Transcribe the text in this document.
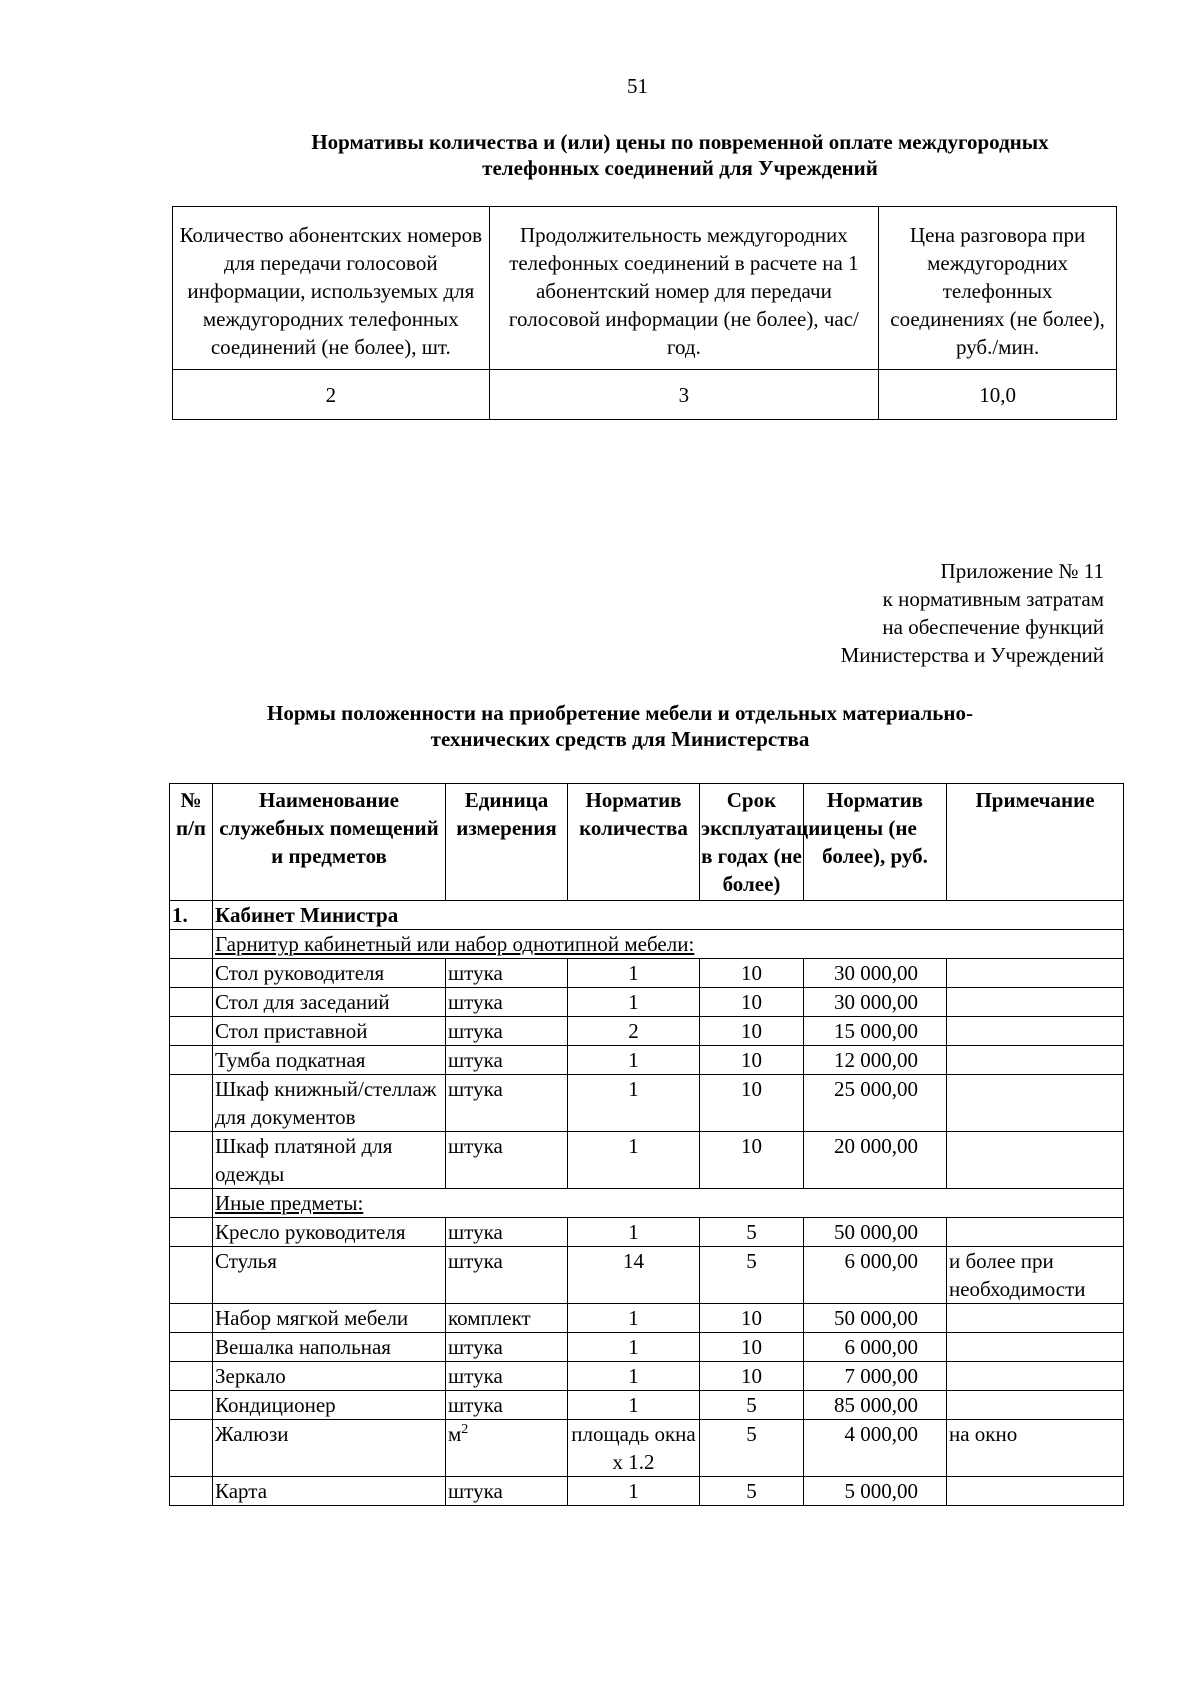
51
Нормативы количества и (или) цены по повременной оплате междугородных
телефонных соединений для Учреждений
Количество абонентских номеров для передачи голосовой информации, используемых для междугородних телефонных соединений (не более), шт.	Продолжительность междугородних телефонных соединений в расчете на 1 абонентский номер для передачи голосовой информации (не более), час/год.	Цена разговора при междугородних телефонных соединениях (не более), руб./мин.
2	3	10,0
Приложение № 11
к нормативным затратам
на обеспечение функций
Министерства и Учреждений
Нормы положенности на приобретение мебели и отдельных материально-
технических средств для Министерства
№ п/п	Наименование служебных помещений и предметов	Единица измерения	Норматив количества	Срок эксплуатации в годах (не более)	Норматив цены (не более), руб.	Примечание
1.	Кабинет Министра					
	Гарнитур кабинетный или набор однотипной мебели:					
	Стол руководителя	штука	1	10	30 000,00	
	Стол для заседаний	штука	1	10	30 000,00	
	Стол приставной	штука	2	10	15 000,00	
	Тумба подкатная	штука	1	10	12 000,00	
	Шкаф книжный/стеллаж для документов	штука	1	10	25 000,00	
	Шкаф платяной для одежды	штука	1	10	20 000,00	
	Иные предметы:					
	Кресло руководителя	штука	1	5	50 000,00	
	Стулья	штука	14	5	6 000,00	и более при необходимости
	Набор мягкой мебели	комплект	1	10	50 000,00	
	Вешалка напольная	штука	1	10	6 000,00	
	Зеркало	штука	1	10	7 000,00	
	Кондиционер	штука	1	5	85 000,00	
	Жалюзи	$м^2$	площадь окна х 1.2	5	4 000,00	на окно
	Карта	штука	1	5	5 000,00	
